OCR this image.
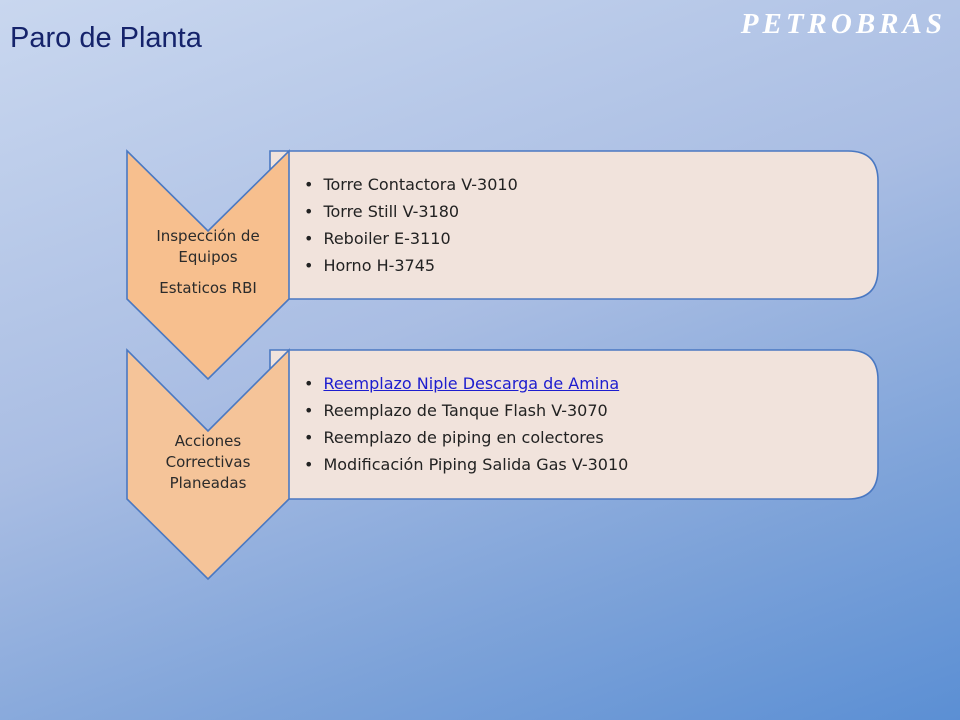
Paro de Planta	PETROBRAS

Inspección de Equipos

Estaticos RBI

• Torre Contactora V-3010
• Torre Still V-3180
• Reboiler E-3110
• Horno H-3745

Acciones Correctivas Planeadas

• Reemplazo Niple Descarga de Amina
• Reemplazo de Tanque Flash V-3070
• Reemplazo de piping en colectores
• Modificación Piping Salida Gas V-3010
